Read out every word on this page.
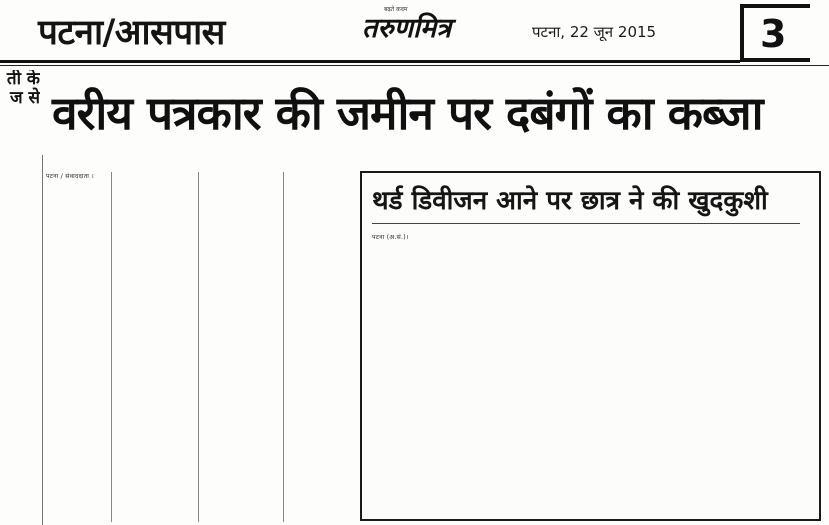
पटना/आसपास
बढ़ते क़दम
तरुणमित्र	पटना, 22 जून 2015	3
ती के
ज से वरीय पत्रकार की जमीन पर दबंगों का कब्जा
पटना / संवाददाता ।
थर्ड डिवीजन आने पर छात्र ने की खुदकुशी
पटना (अ.सं.)।
